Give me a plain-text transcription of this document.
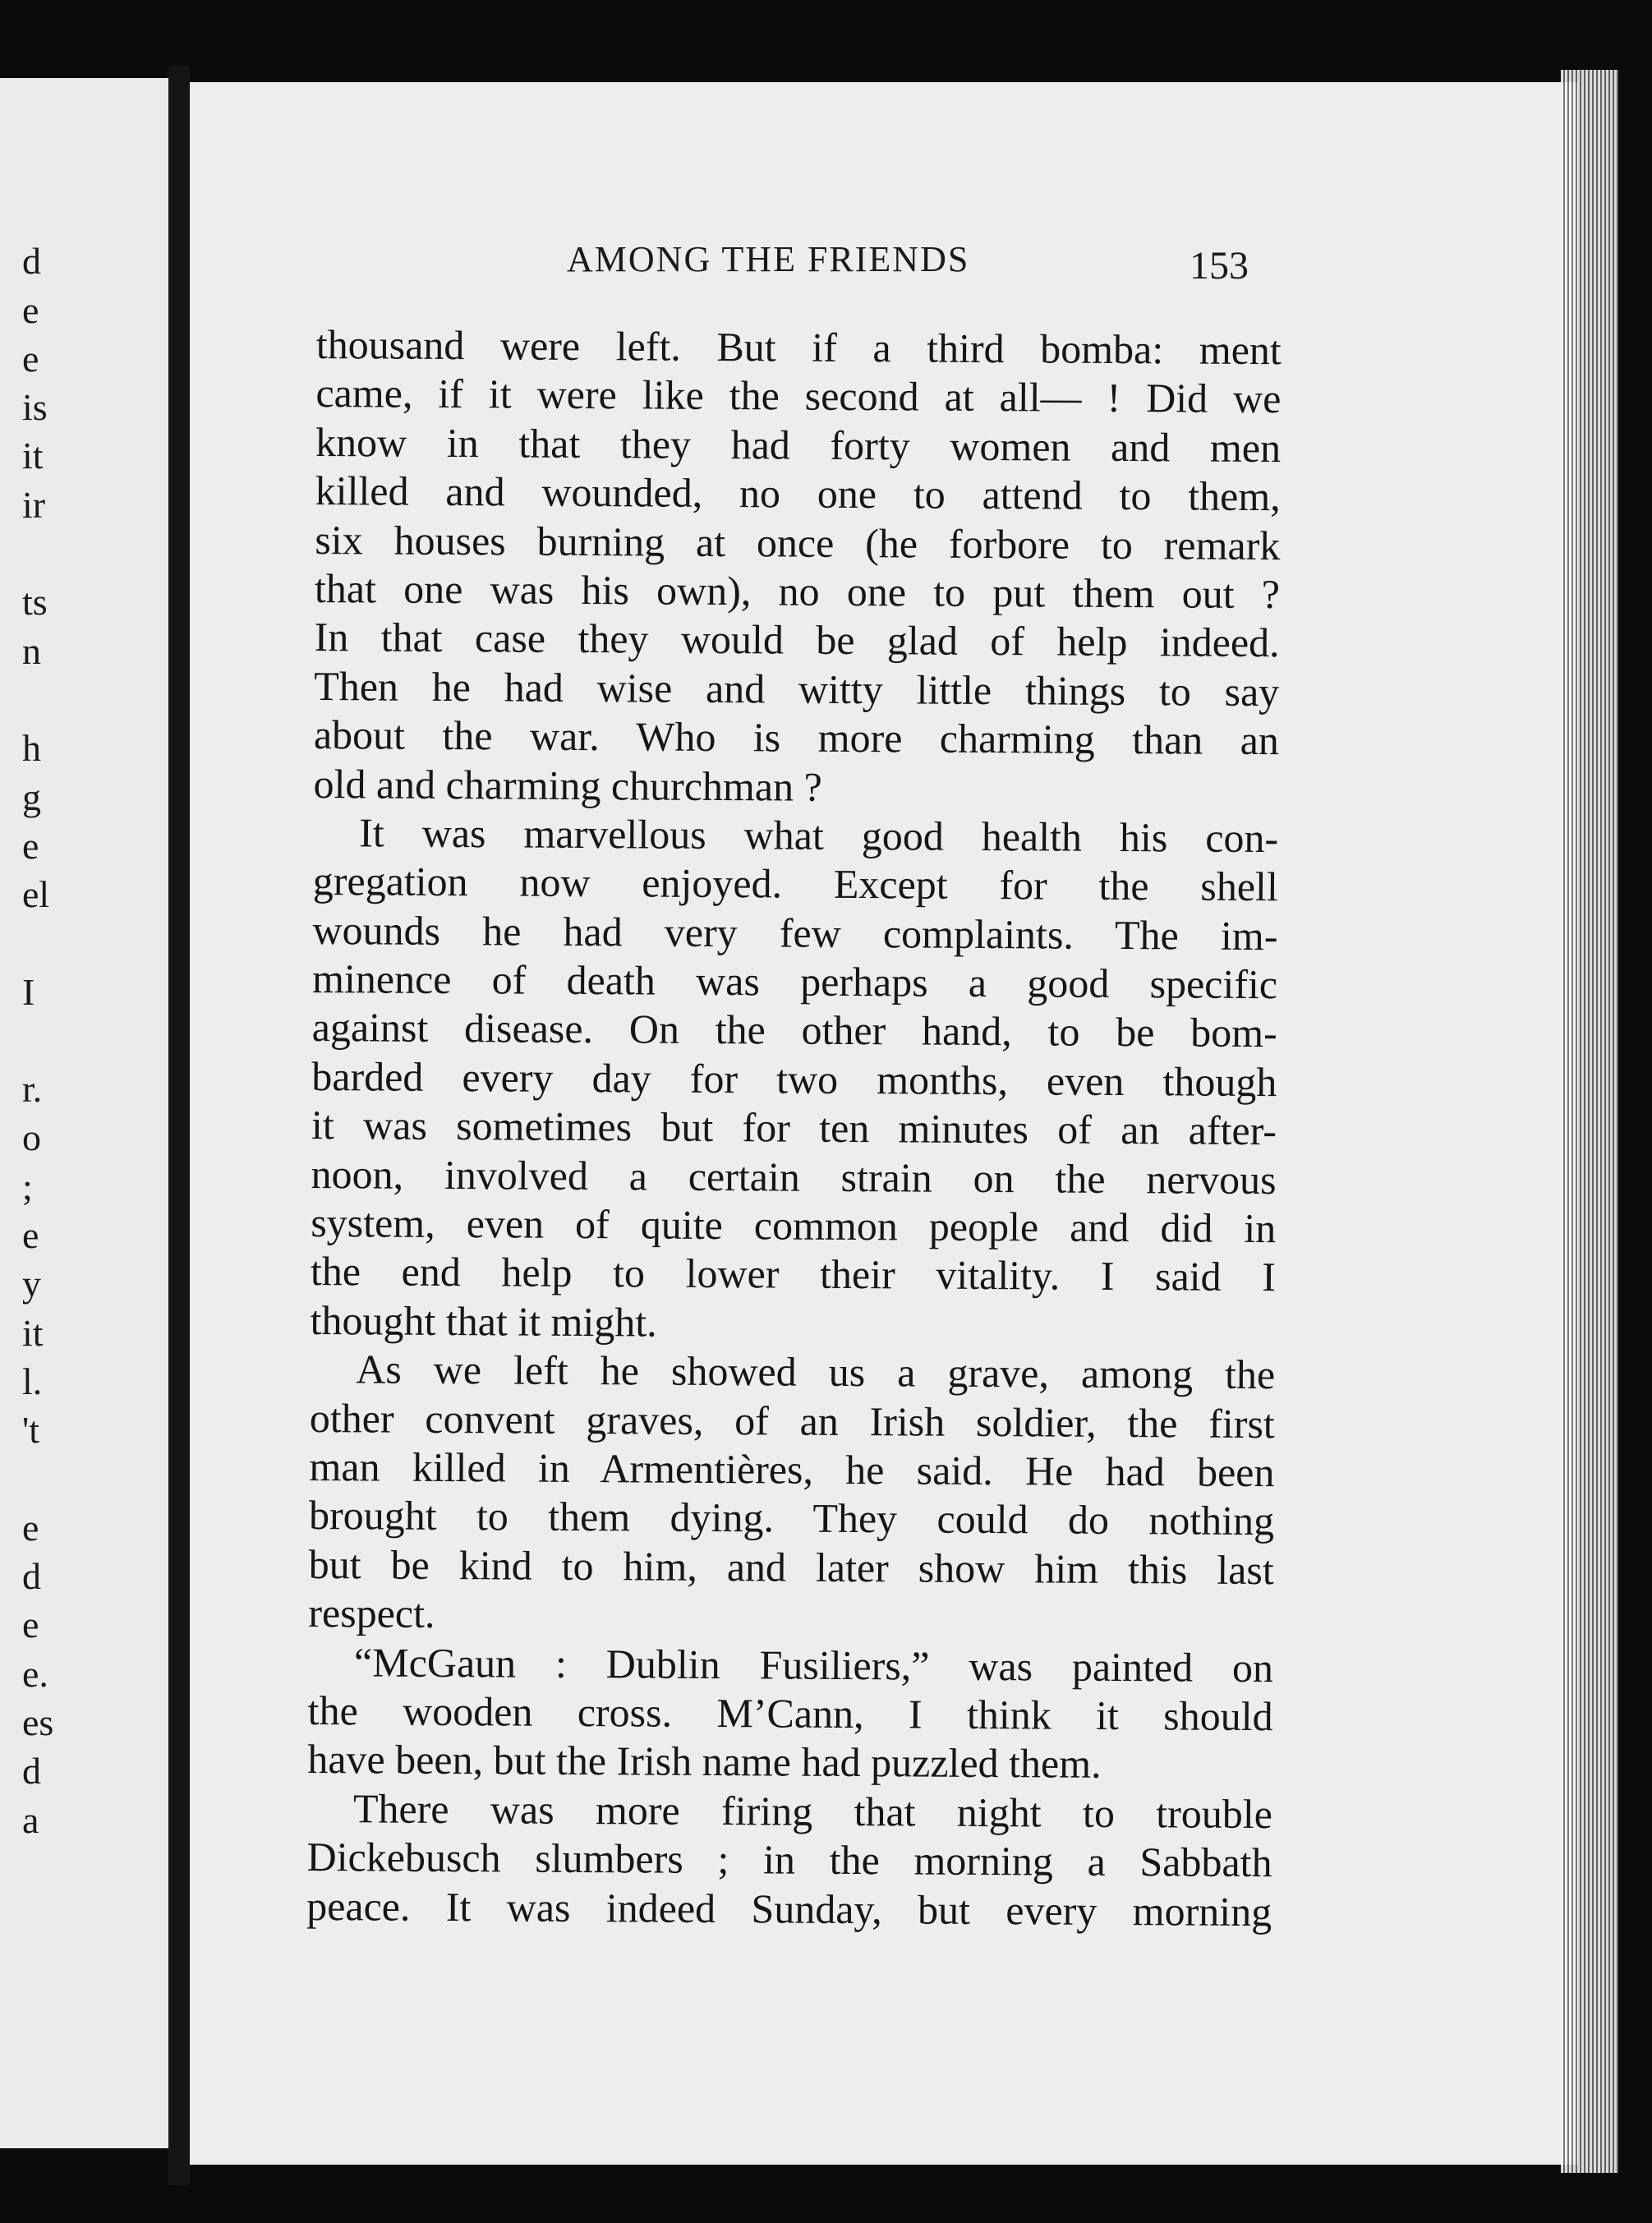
d
e
e
is
it
ir
ts
n
h
g
e
el
I
r.
o
;
e
y
it
l.
't
e
d
e
e.
es
d
a
AMONG THE FRIENDS	153
thousand were left. But if a third bomba: ment
came, if it were like the second at all— ! Did we
know in that they had forty women and men
killed and wounded, no one to attend to them,
six houses burning at once (he forbore to remark
that one was his own), no one to put them out ?
In that case they would be glad of help indeed.
Then he had wise and witty little things to say
about the war. Who is more charming than an
old and charming churchman ?
It was marvellous what good health his con-
gregation now enjoyed. Except for the shell
wounds he had very few complaints. The im-
minence of death was perhaps a good specific
against disease. On the other hand, to be bom-
barded every day for two months, even though
it was sometimes but for ten minutes of an after-
noon, involved a certain strain on the nervous
system, even of quite common people and did in
the end help to lower their vitality. I said I
thought that it might.
As we left he showed us a grave, among the
other convent graves, of an Irish soldier, the first
man killed in Armentières, he said. He had been
brought to them dying. They could do nothing
but be kind to him, and later show him this last
respect.
“McGaun : Dublin Fusiliers,” was painted on
the wooden cross. M’Cann, I think it should
have been, but the Irish name had puzzled them.
There was more firing that night to trouble
Dickebusch slumbers ; in the morning a Sabbath
peace. It was indeed Sunday, but every morning
